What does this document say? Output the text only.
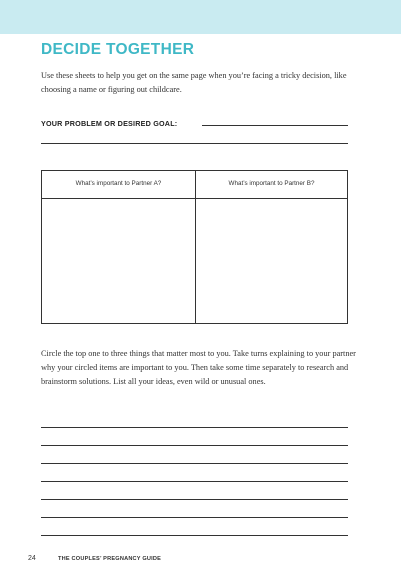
DECIDE TOGETHER
Use these sheets to help you get on the same page when you’re facing a tricky decision, like choosing a name or figuring out childcare.
YOUR PROBLEM OR DESIRED GOAL:
What’s important to Partner A?	What’s important to Partner B?
Circle the top one to three things that matter most to you. Take turns explaining to your partner why your circled items are important to you. Then take some time separately to research and brainstorm solutions. List all your ideas, even wild or unusual ones.
24	THE COUPLES’ PREGNANCY GUIDE
